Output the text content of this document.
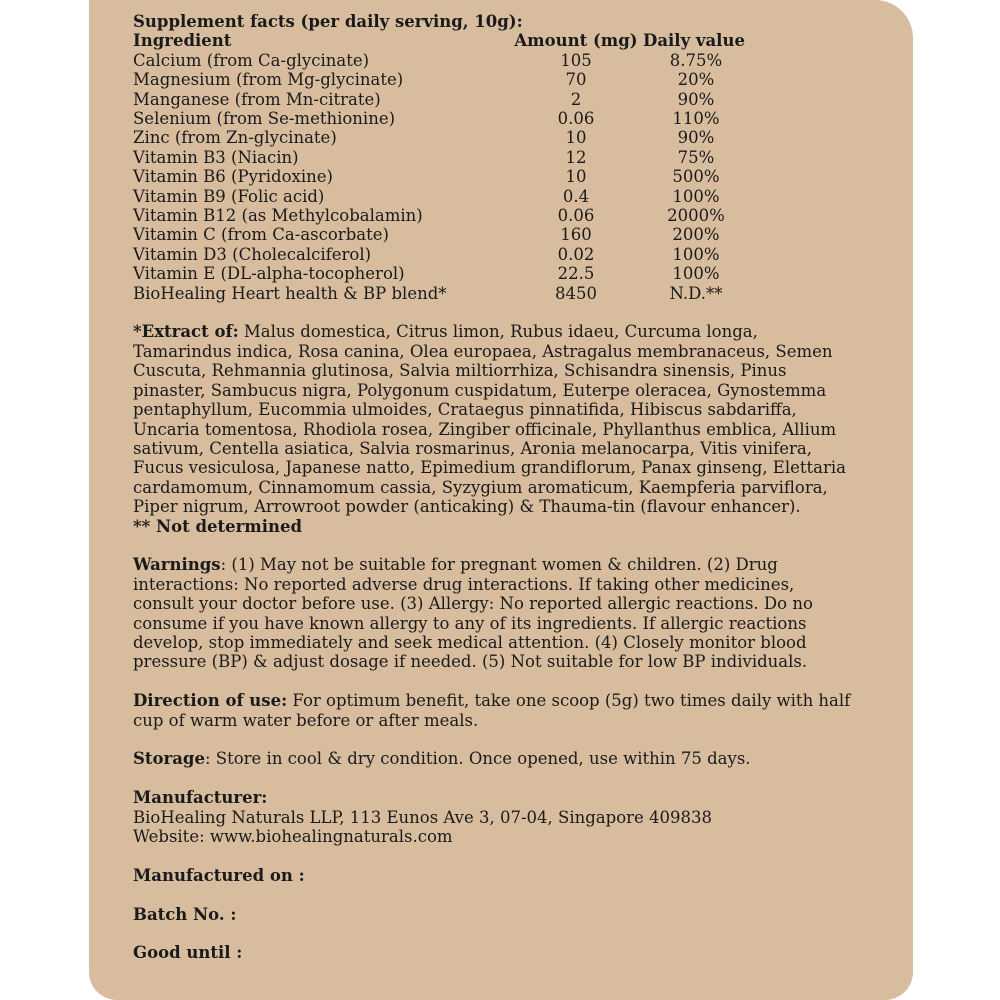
Supplement facts (per daily serving, 10g):
Ingredient	Amount (mg)	Daily value
Calcium (from Ca-glycinate)	105	8.75%
Magnesium (from Mg-glycinate)	70	20%
Manganese (from Mn-citrate)	2	90%
Selenium (from Se-methionine)	0.06	110%
Zinc (from Zn-glycinate)	10	90%
Vitamin B3 (Niacin)	12	75%
Vitamin B6 (Pyridoxine)	10	500%
Vitamin B9 (Folic acid)	0.4	100%
Vitamin B12 (as Methylcobalamin)	0.06	2000%
Vitamin C (from Ca-ascorbate)	160	200%
Vitamin D3 (Cholecalciferol)	0.02	100%
Vitamin E (DL-alpha-tocopherol)	22.5	100%
BioHealing Heart health & BP blend*	8450	N.D.**

*Extract of: Malus domestica, Citrus limon, Rubus idaeu, Curcuma longa, Tamarindus indica, Rosa canina, Olea europaea, Astragalus membranaceus, Semen Cuscuta, Rehmannia glutinosa, Salvia miltiorrhiza, Schisandra sinensis, Pinus pinaster, Sambucus nigra, Polygonum cuspidatum, Euterpe oleracea, Gynostemma pentaphyllum, Eucommia ulmoides, Crataegus pinnatifida, Hibiscus sabdariffa, Uncaria tomentosa, Rhodiola rosea, Zingiber officinale, Phyllanthus emblica, Allium sativum, Centella asiatica, Salvia rosmarinus, Aronia melanocarpa, Vitis vinifera, Fucus vesiculosa, Japanese natto, Epimedium grandiflorum, Panax ginseng, Elettaria cardamomum, Cinnamomum cassia, Syzygium aromaticum, Kaempferia parviflora, Piper nigrum, Arrowroot powder (anticaking) & Thauma-tin (flavour enhancer).

** Not determined

Warnings: (1) May not be suitable for pregnant women & children. (2) Drug interactions: No reported adverse drug interactions. If taking other medicines, consult your doctor before use. (3) Allergy: No reported allergic reactions. Do no consume if you have known allergy to any of its ingredients. If allergic reactions develop, stop immediately and seek medical attention. (4) Closely monitor blood pressure (BP) & adjust dosage if needed. (5) Not suitable for low BP individuals.

Direction of use: For optimum benefit, take one scoop (5g) two times daily with half cup of warm water before or after meals.

Storage: Store in cool & dry condition. Once opened, use within 75 days.

Manufacturer:
BioHealing Naturals LLP, 113 Eunos Ave 3, 07-04, Singapore 409838
Website: www.biohealingnaturals.com
Manufactured on :
Batch No. :
Good until :
